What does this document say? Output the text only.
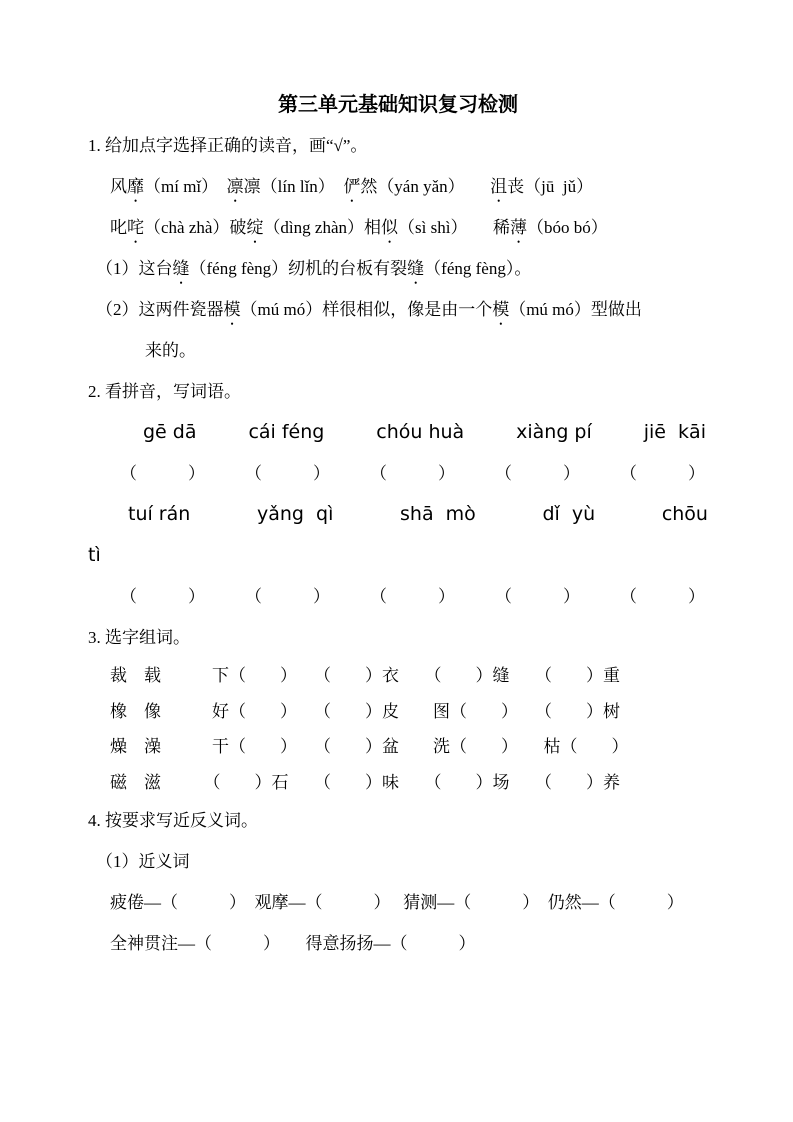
第三单元基础知识复习检测
1. 给加点字选择正确的读音，画“√”。
风靡（mí mǐ）　凛凛（lín lǐn）　俨然（yán yǎn）　　沮丧（jū  jǔ）
叱咤（chà zhà）破绽（dìng zhàn）相似（sì shì）　　稀薄（bóo bó）
（1）这台缝（féng fèng）纫机的台板有裂缝（féng fèng）。
（2）这两件瓷器模（mú mó）样很相似，像是由一个模（mú mó）型做出
来的。
2. 看拼音，写词语。
gē dā	cái féng	chóu huà	xiàng pí	jiē  kāi
（　　　） （　　　） （　　　） （　　　） （　　　）
tuí rán	yǎng  qì	shā  mò	dǐ  yù	chōu
tì
（　　　） （　　　） （　　　） （　　　） （　　　）
3. 选字组词。
裁　载　　　下（　　）　　（　　）衣　　（　　）缝　　（　　）重
橡　像　　　好（　　）　　（　　）皮　　图（　　）　　（　　）树
燥　澡　　　干（　　）　　（　　）盆　　洗（　　）　　枯（　　）
磁　滋　　　（　　）石　　（　　）味　　（　　）场　　（　　）养
4. 按要求写近反义词。
（1）近义词
疲倦—（　　　）　观摩—（　　　）　 猜测—（　　　）　仍然—（　　　）
全神贯注—（　　　）　　得意扬扬—（　　　）
